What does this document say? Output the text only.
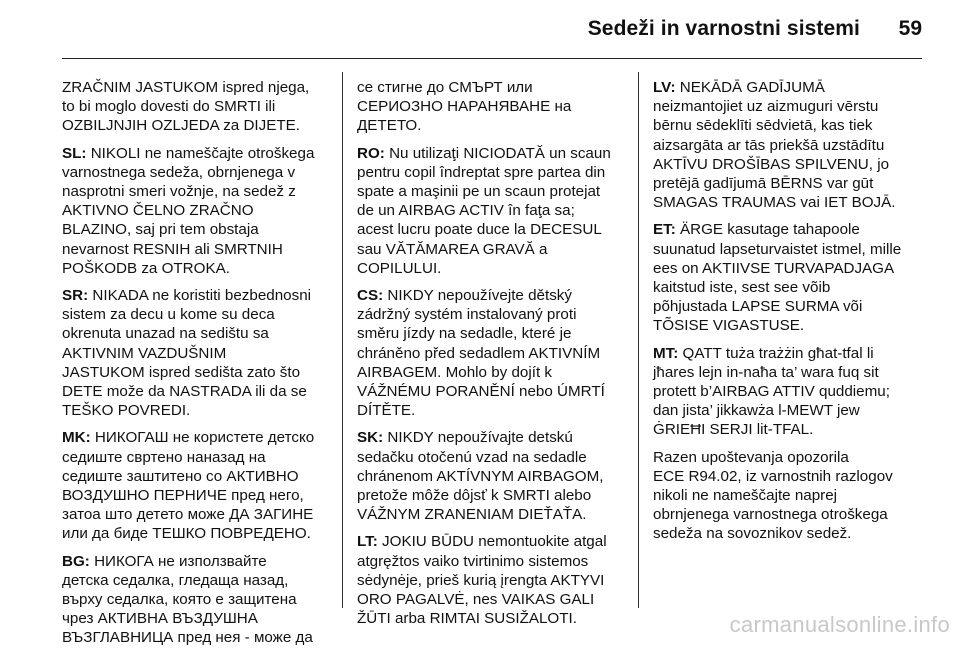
Sedeži in varnostni sistemi 59
ZRAČNIM JASTUKOM ispred njega,
to bi moglo dovesti do SMRTI ili
OZBILJNJIH OZLJEDA za DIJETE.
SL: NIKOLI ne nameščajte otroškega
varnostnega sedeža, obrnjenega v
nasprotni smeri vožnje, na sedež z
AKTIVNO ČELNO ZRAČNO
BLAZINO, saj pri tem obstaja
nevarnost RESNIH ali SMRTNIH
POŠKODB za OTROKA.
SR: NIKADA ne koristiti bezbednosni
sistem za decu u kome su deca
okrenuta unazad na sedištu sa
AKTIVNIM VAZDUŠNIM
JASTUKOM ispred sedišta zato što
DETE može da NASTRADA ili da se
TEŠKO POVREDI.
MK: НИКОГАШ не користете детско
седиште свртено наназад на
седиште заштитено со АКТИВНО
ВОЗДУШНО ПЕРНИЧЕ пред него,
затоа што детето може ДА ЗАГИНЕ
или да биде ТЕШКО ПОВРЕДЕНО.
BG: НИКОГА не използвайте
детска седалка, гледаща назад,
върху седалка, която е защитена
чрез АКТИВНА ВЪЗДУШНА
ВЪЗГЛАВНИЦА пред нея - може да
се стигне до СМЪРТ или
СЕРИОЗНО НАРАНЯВАНЕ на
ДЕТЕТО.
RO: Nu utilizaţi NICIODATĂ un scaun
pentru copil îndreptat spre partea din
spate a maşinii pe un scaun protejat
de un AIRBAG ACTIV în faţa sa;
acest lucru poate duce la DECESUL
sau VĂTĂMAREA GRAVĂ a
COPILULUI.
CS: NIKDY nepoužívejte dětský
zádržný systém instalovaný proti
směru jízdy na sedadle, které je
chráněno před sedadlem AKTIVNÍM
AIRBAGEM. Mohlo by dojít k
VÁŽNÉMU PORANĚNÍ nebo ÚMRTÍ
DÍTĚTE.
SK: NIKDY nepoužívajte detskú
sedačku otočenú vzad na sedadle
chránenom AKTÍVNYM AIRBAGOM,
pretože môže dôjsť k SMRTI alebo
VÁŽNYM ZRANENIAM DIEŤAŤA.
LT: JOKIU BŪDU nemontuokite atgal
atgręžtos vaiko tvirtinimo sistemos
sėdynėje, prieš kurią įrengta AKTYVI
ORO PAGALVĖ, nes VAIKAS GALI
ŽŪTI arba RIMTAI SUSIŽALOTI.
LV: NEKĀDĀ GADĪJUMĀ
neizmantojiet uz aizmuguri vērstu
bērnu sēdeklīti sēdvietā, kas tiek
aizsargāta ar tās priekšā uzstādītu
AKTĪVU DROŠĪBAS SPILVENU, jo
pretējā gadījumā BĒRNS var gūt
SMAGAS TRAUMAS vai IET BOJĀ.
ET: ÄRGE kasutage tahapoole
suunatud lapseturvaistet istmel, mille
ees on AKTIIVSE TURVAPADJAGA
kaitstud iste, sest see võib
põhjustada LAPSE SURMA või
TÕSISE VIGASTUSE.
MT: QATT tuża trażżin għat-tfal li
jħares lejn in-naħa ta’ wara fuq sit
protett b’AIRBAG ATTIV quddiemu;
dan jista’ jikkawża l-MEWT jew
ĠRIEĦI SERJI lit-TFAL.
Razen upoštevanja opozorila
ECE R94.02, iz varnostnih razlogov
nikoli ne nameščajte naprej
obrnjenega varnostnega otroškega
sedeža na sovoznikov sedež.
carmanualsonline.info
